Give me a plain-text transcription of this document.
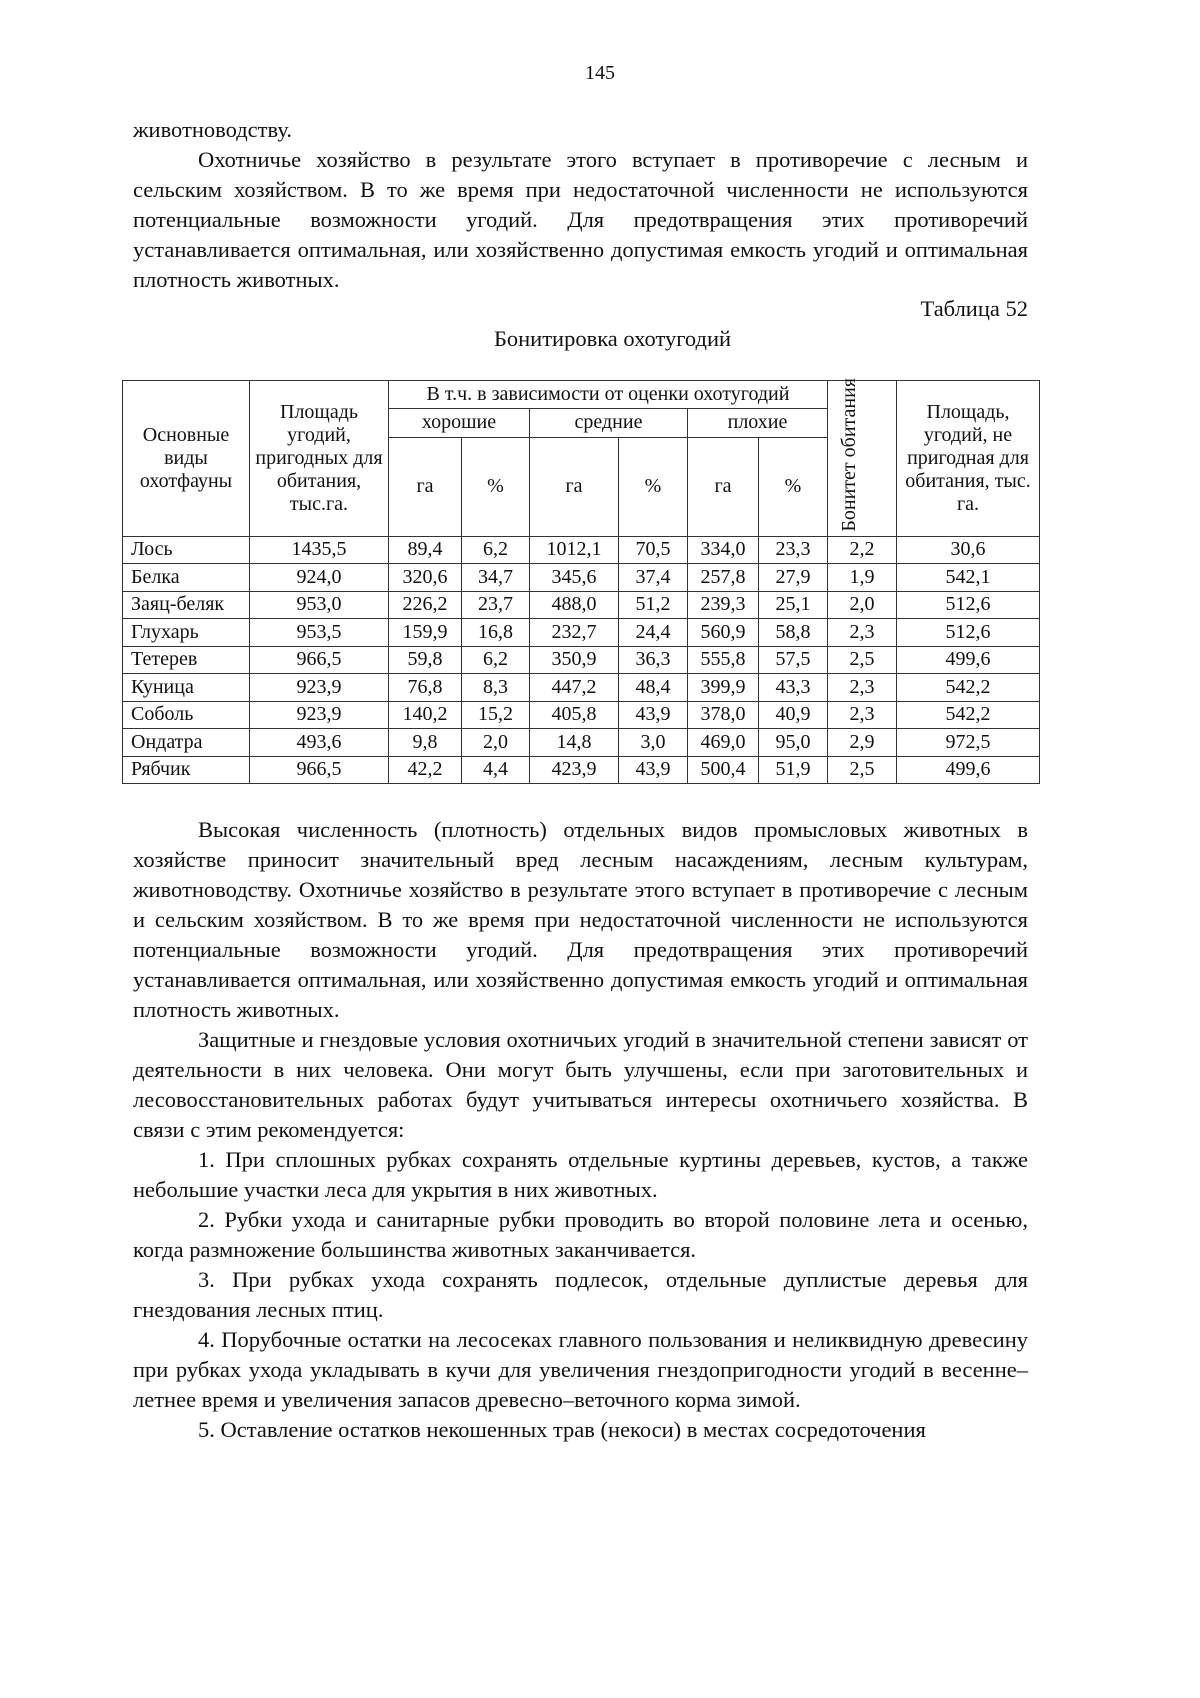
145

животноводству.

Охотничье хозяйство в результате этого вступает в противоречие с лесным и сельским хозяйством. В то же время при недостаточной численности не используются потенциальные возможности угодий. Для предотвращения этих противоречий устанавливается оптимальная, или хозяйственно допустимая емкость угодий и оптимальная плотность животных.

Таблица 52
Бонитировка охотугодий
Основные виды охотфауны	Площадь угодий, пригодных для обитания, тыс.га.	В т.ч. в зависимости от оценки охотугодий						Бонитет обитания	Площадь, угодий, не пригодная для обитания, тыс. га.
		хорошие		средние		плохие			
		га	%	га	%	га	%		
Лось	1435,5	89,4	6,2	1012,1	70,5	334,0	23,3	2,2	30,6
Белка	924,0	320,6	34,7	345,6	37,4	257,8	27,9	1,9	542,1
Заяц-беляк	953,0	226,2	23,7	488,0	51,2	239,3	25,1	2,0	512,6
Глухарь	953,5	159,9	16,8	232,7	24,4	560,9	58,8	2,3	512,6
Тетерев	966,5	59,8	6,2	350,9	36,3	555,8	57,5	2,5	499,6
Куница	923,9	76,8	8,3	447,2	48,4	399,9	43,3	2,3	542,2
Соболь	923,9	140,2	15,2	405,8	43,9	378,0	40,9	2,3	542,2
Ондатра	493,6	9,8	2,0	14,8	3,0	469,0	95,0	2,9	972,5
Рябчик	966,5	42,2	4,4	423,9	43,9	500,4	51,9	2,5	499,6

Высокая численность (плотность) отдельных видов промысловых животных в хозяйстве приносит значительный вред лесным насаждениям, лесным культурам, животноводству. Охотничье хозяйство в результате этого вступает в противоречие с лесным и сельским хозяйством. В то же время при недостаточной численности не используются потенциальные возможности угодий. Для предотвращения этих противоречий устанавливается оптимальная, или хозяйственно допустимая емкость угодий и оптимальная плотность животных.

Защитные и гнездовые условия охотничьих угодий в значительной степени зависят от деятельности в них человека. Они могут быть улучшены, если при заготовительных и лесовосстановительных работах будут учитываться интересы охотничьего хозяйства. В связи с этим рекомендуется:

1. При сплошных рубках сохранять отдельные куртины деревьев, кустов, а также небольшие участки леса для укрытия в них животных.

2. Рубки ухода и санитарные рубки проводить во второй половине лета и осенью, когда размножение большинства животных заканчивается.

3. При рубках ухода сохранять подлесок, отдельные дуплистые деревья для гнездования лесных птиц.

4. Порубочные остатки на лесосеках главного пользования и неликвидную древесину при рубках ухода укладывать в кучи для увеличения гнездопригодности угодий в весенне–летнее время и увеличения запасов древесно–веточного корма зимой.

5. Оставление остатков некошенных трав (некоси) в местах сосредоточения
